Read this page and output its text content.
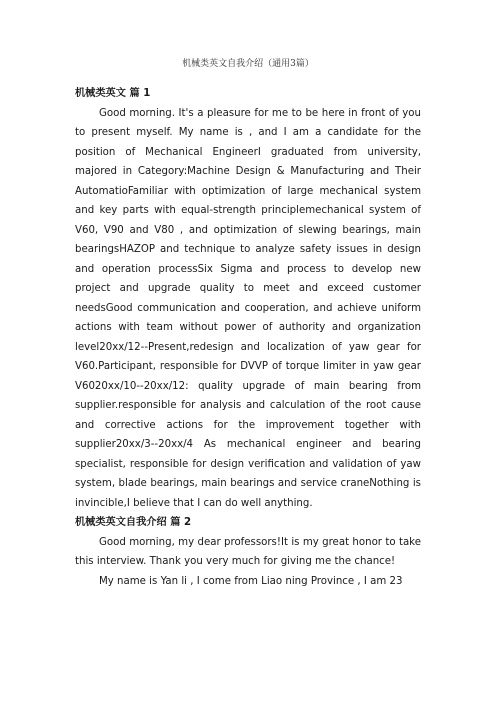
机械类英文自我介绍（通用3篇）
机械类英文 篇 1

Good morning. It's a pleasure for me to be here in front of you to present myself. My name is , and I am a candidate for the position of Mechanical EngineerI graduated from university, majored in Category:Machine Design & Manufacturing and Their AutomatioFamiliar with optimization of large mechanical system and key parts with equal-strength principlemechanical system of V60, V90 and V80 , and optimization of slewing bearings, main bearingsHAZOP and technique to analyze safety issues in design and operation processSix Sigma and process to develop new project and upgrade quality to meet and exceed customer needsGood communication and cooperation, and achieve uniform actions with team without power of authority and organization level20xx/12--Present,redesign and localization of yaw gear for V60.Participant, responsible for DVVP of torque limiter in yaw gear V6020xx/10--20xx/12: quality upgrade of main bearing from supplier.responsible for analysis and calculation of the root cause and corrective actions for the improvement together with supplier20xx/3--20xx/4 As mechanical engineer and bearing specialist, responsible for design verification and validation of yaw system, blade bearings, main bearings and service craneNothing is invincible,I believe that I can do well anything.

机械类英文自我介绍 篇 2

Good morning, my dear professors!It is my great honor to take this interview. Thank you very much for giving me the chance!

My name is Yan li , I come from Liao ning Province , I am 23
